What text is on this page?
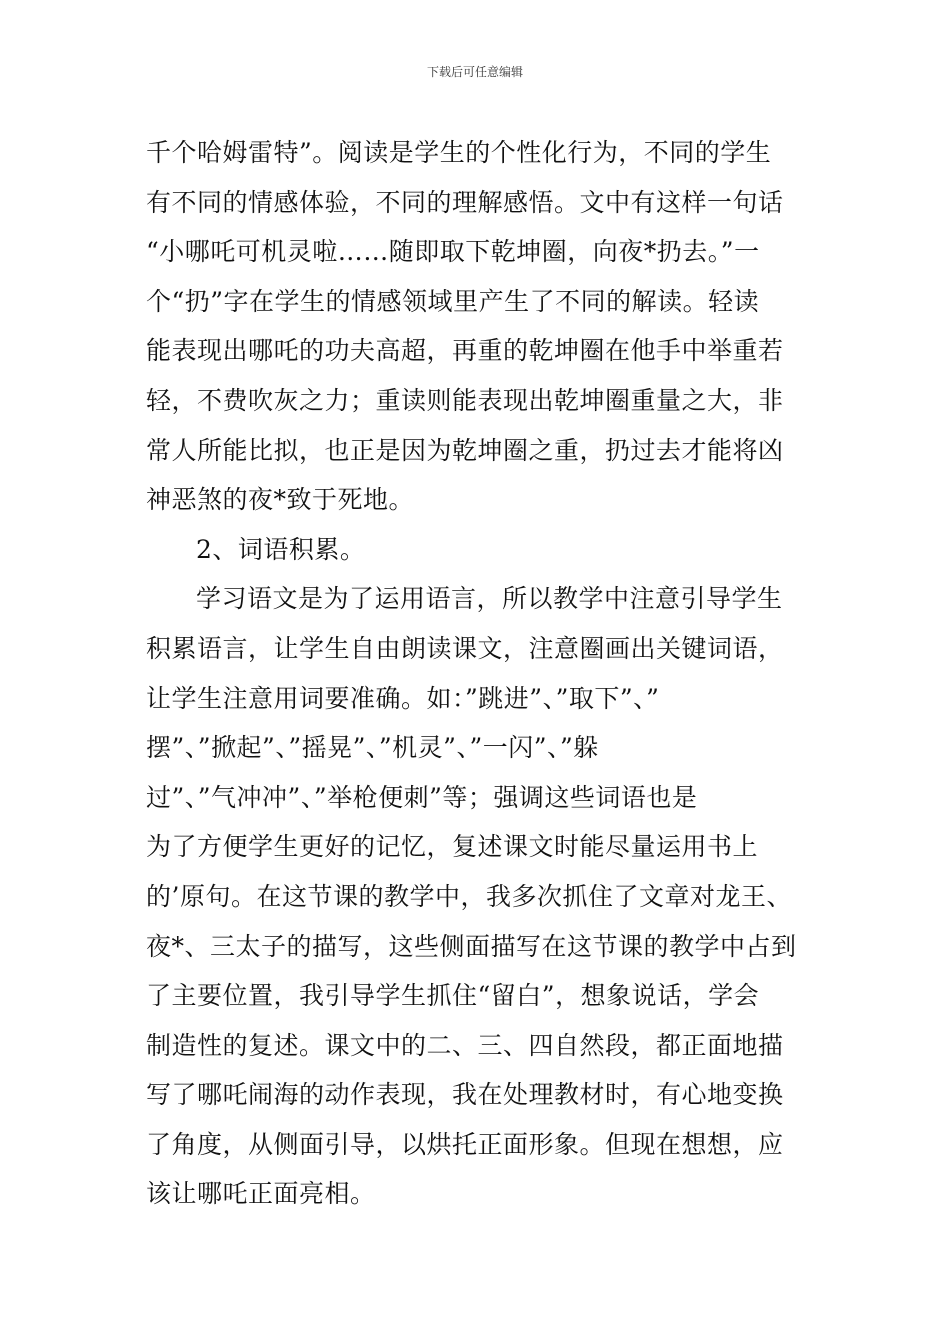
下载后可任意编辑
千个哈姆雷特”。阅读是学生的个性化行为，不同的学生
有不同的情感体验，不同的理解感悟。文中有这样一句话
“小哪吒可机灵啦……随即取下乾坤圈，向夜*扔去。”一
个“扔”字在学生的情感领域里产生了不同的解读。轻读
能表现出哪吒的功夫高超，再重的乾坤圈在他手中举重若
轻，不费吹灰之力；重读则能表现出乾坤圈重量之大，非
常人所能比拟，也正是因为乾坤圈之重，扔过去才能将凶
神恶煞的夜*致于死地。
2、词语积累。
学习语文是为了运用语言，所以教学中注意引导学生
积累语言，让学生自由朗读课文，注意圈画出关键词语，
让学生注意用词要准确。如：”跳进”、”取下”、”
摆”、”掀起”、”摇晃”、”机灵”、”一闪”、”躲
过”、”气冲冲”、”举枪便刺”等；强调这些词语也是
为了方便学生更好的记忆，复述课文时能尽量运用书上
的’原句。在这节课的教学中，我多次抓住了文章对龙王、
夜*、三太子的描写，这些侧面描写在这节课的教学中占到
了主要位置，我引导学生抓住“留白”，想象说话，学会
制造性的复述。课文中的二、三、四自然段，都正面地描
写了哪吒闹海的动作表现，我在处理教材时，有心地变换
了角度，从侧面引导，以烘托正面形象。但现在想想，应
该让哪吒正面亮相。
